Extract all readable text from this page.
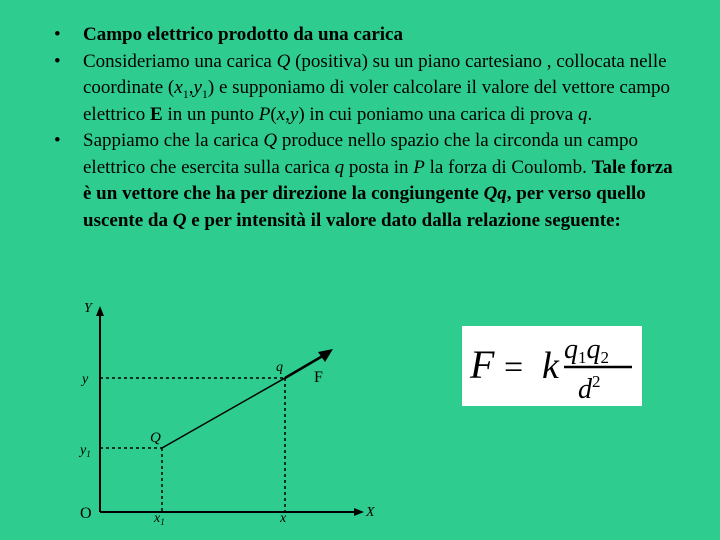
•	Campo elettrico prodotto da una carica
•	Consideriamo una carica Q (positiva) su un piano cartesiano , collocata nelle coordinate $(x_1,y_1)$ e supponiamo di voler calcolare il valore del vettore campo elettrico E in un punto P(x,y) in cui poniamo una carica di prova q.
•	Sappiamo che la carica Q produce nello spazio che la circonda un campo elettrico che esercita sulla carica q posta in P la forza di Coulomb. Tale forza è un vettore che ha per direzione la congiungente Qq, per verso quello uscente da Q e per intensità il valore dato dalla relazione seguente:
Y
X
O
y
$y_1$
$x_1$	x
Q
q
F	F = k q1q2
$d^2$
